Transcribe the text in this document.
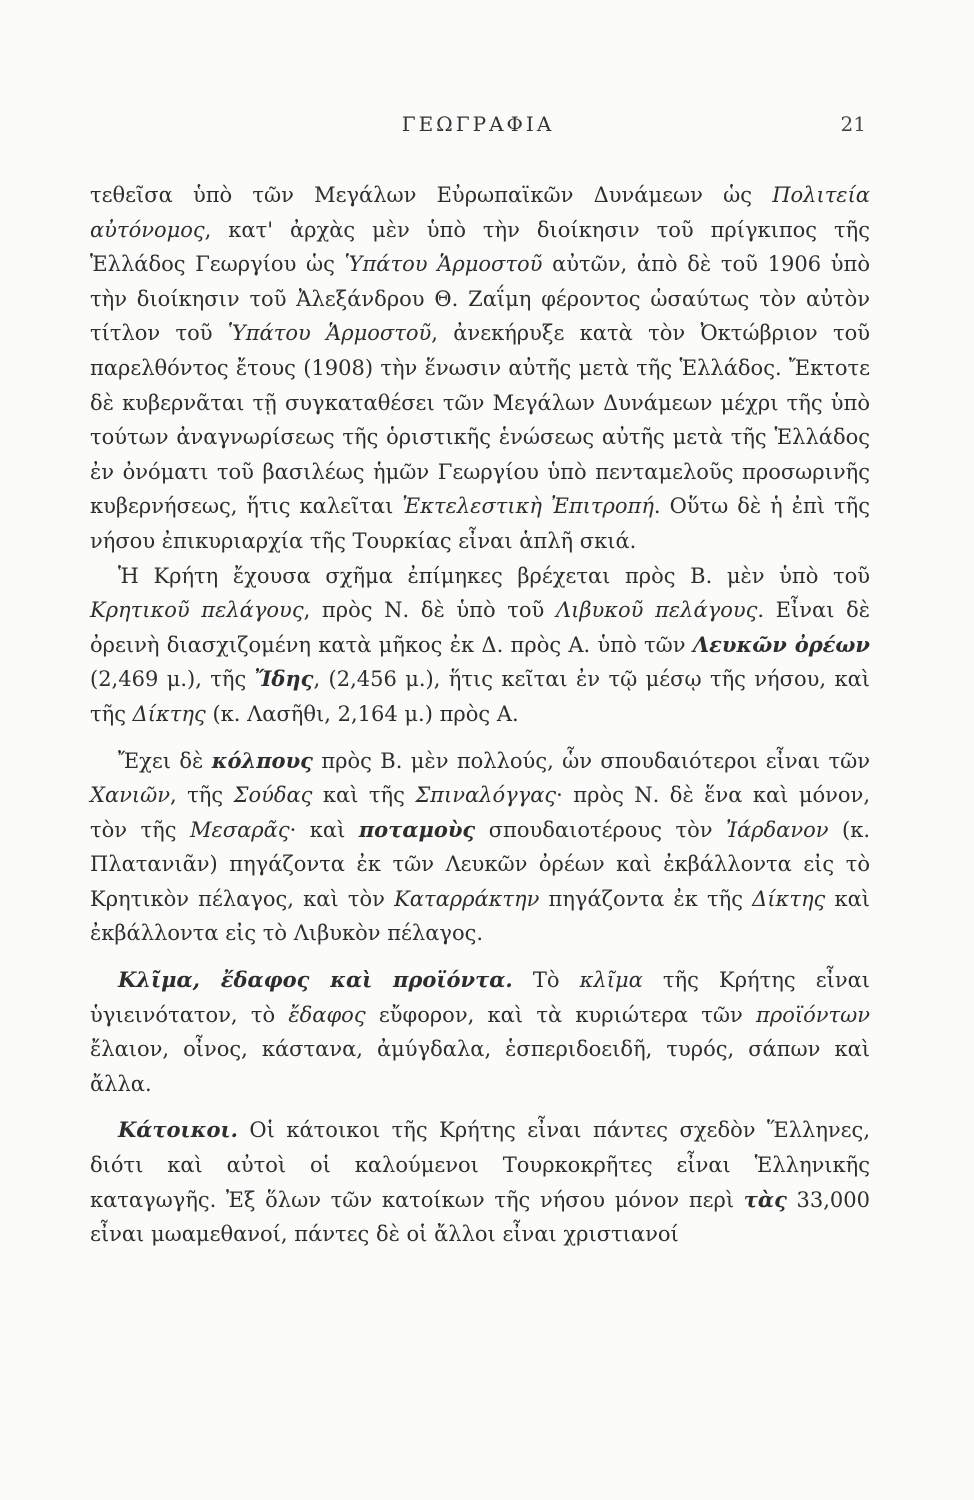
ΓΕΩΓΡΑΦΙΑ	21

τεθεῖσα ὑπὸ τῶν Μεγάλων Εὐρωπαϊκῶν Δυνάμεων ὡς Πολιτεία αὐτόνομος, κατ' ἀρχὰς μὲν ὑπὸ τὴν διοίκησιν τοῦ πρίγκιπος τῆς Ἑλλάδος Γεωργίου ὡς Ὑπάτου Ἁρμοστοῦ αὐτῶν, ἀπὸ δὲ τοῦ 1906 ὑπὸ τὴν διοίκησιν τοῦ Ἀλεξάνδρου Θ. Ζαΐμη φέροντος ὡσαύτως τὸν αὐτὸν τίτλον τοῦ Ὑπάτου Ἁρμοστοῦ, ἀνεκήρυξε κατὰ τὸν Ὀκτώβριον τοῦ παρελθόντος ἔτους (1908) τὴν ἕνωσιν αὐτῆς μετὰ τῆς Ἑλλάδος. Ἔκτοτε δὲ κυβερνᾶται τῇ συγκαταθέσει τῶν Μεγάλων Δυνάμεων μέχρι τῆς ὑπὸ τούτων ἀναγνωρίσεως τῆς ὁριστικῆς ἑνώσεως αὐτῆς μετὰ τῆς Ἑλλάδος ἐν ὀνόματι τοῦ βασιλέως ἡμῶν Γεωργίου ὑπὸ πενταμελοῦς προσωρινῆς κυβερνήσεως, ἥτις καλεῖται Ἐκτελεστικὴ Ἐπιτροπή. Οὕτω δὲ ἡ ἐπὶ τῆς νήσου ἐπικυριαρχία τῆς Τουρκίας εἶναι ἁπλῆ σκιά.

Ἡ Κρήτη ἔχουσα σχῆμα ἐπίμηκες βρέχεται πρὸς Β. μὲν ὑπὸ τοῦ Κρητικοῦ πελάγους, πρὸς Ν. δὲ ὑπὸ τοῦ Λιβυκοῦ πελάγους. Εἶναι δὲ ὀρεινὴ διασχιζομένη κατὰ μῆκος ἐκ Δ. πρὸς Α. ὑπὸ τῶν Λευκῶν ὀρέων (2,469 μ.), τῆς Ἴδης, (2,456 μ.), ἥτις κεῖται ἐν τῷ μέσῳ τῆς νήσου, καὶ τῆς Δίκτης (κ. Λασῆθι, 2,164 μ.) πρὸς Α.

Ἔχει δὲ κόλπους πρὸς Β. μὲν πολλούς, ὧν σπουδαιότεροι εἶναι τῶν Χανιῶν, τῆς Σούδας καὶ τῆς Σπιναλόγγας· πρὸς Ν. δὲ ἕνα καὶ μόνον, τὸν τῆς Μεσαρᾶς· καὶ ποταμοὺς σπουδαιοτέρους τὸν Ἰάρδανον (κ. Πλατανιᾶν) πηγάζοντα ἐκ τῶν Λευκῶν ὀρέων καὶ ἐκβάλλοντα εἰς τὸ Κρητικὸν πέλαγος, καὶ τὸν Καταρράκτην πηγάζοντα ἐκ τῆς Δίκτης καὶ ἐκβάλλοντα εἰς τὸ Λιβυκὸν πέλαγος.

Κλῖμα, ἔδαφος καὶ προϊόντα. Τὸ κλῖμα τῆς Κρήτης εἶναι ὑγιεινότατον, τὸ ἔδαφος εὔφορον, καὶ τὰ κυριώτερα τῶν προϊόντων ἔλαιον, οἶνος, κάστανα, ἀμύγδαλα, ἑσπεριδοειδῆ, τυρός, σάπων καὶ ἄλλα.

Κάτοικοι. Οἱ κάτοικοι τῆς Κρήτης εἶναι πάντες σχεδὸν Ἕλληνες, διότι καὶ αὐτοὶ οἱ καλούμενοι Τουρκοκρῆτες εἶναι Ἑλληνικῆς καταγωγῆς. Ἐξ ὅλων τῶν κατοίκων τῆς νήσου μόνον περὶ τὰς 33,000 εἶναι μωαμεθανοί, πάντες δὲ οἱ ἄλλοι εἶναι χριστιανοί
